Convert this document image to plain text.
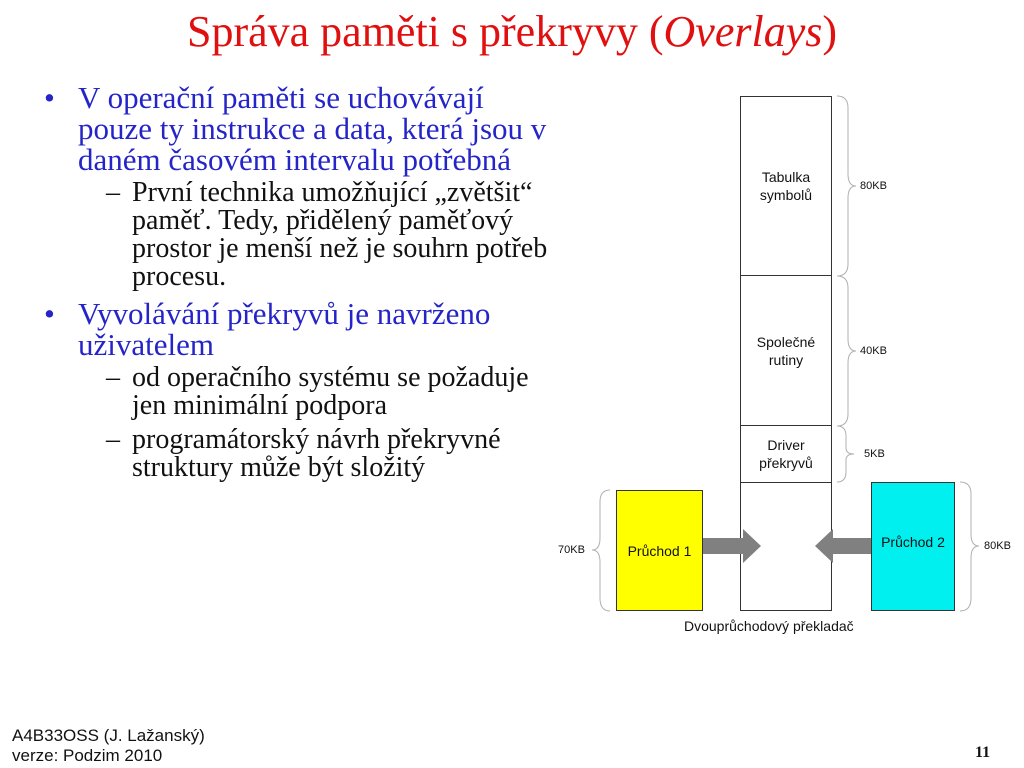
Správa paměti s překryvy (Overlays)
• V operační paměti se uchovávají pouze ty instrukce a data, která jsou v daném časovém intervalu potřebná
– První technika umožňující „zvětšit“ paměť. Tedy, přidělený paměťový prostor je menší než je souhrn potřeb procesu.
• Vyvolávání překryvů je navrženo uživatelem
– od operačního systému se požaduje jen minimální podpora
– programátorský návrh překryvné struktury může být složitý
Tabulka
symbolů
Společné
rutiny
Driver
překryvů
Průchod 1
Průchod 2
80KB
40KB
5KB
70KB	80KB
Dvouprůchodový překladač
A4B33OSS (J. Lažanský)
verze: Podzim 2010	11
